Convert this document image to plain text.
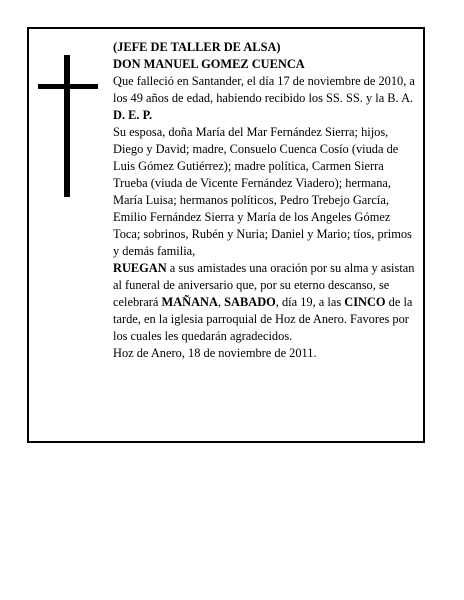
(JEFE DE TALLER DE ALSA)

DON MANUEL GOMEZ CUENCA

Que falleció en Santander, el día 17 de noviembre de 2010, a los 49 años de edad, habiendo recibido los SS. SS. y la B. A.

D. E. P.

Su esposa, doña María del Mar Fernández Sierra; hijos, Diego y David; madre, Consuelo Cuenca Cosío (viuda de Luis Gómez Gutiérrez); madre política, Carmen Sierra Trueba (viuda de Vicente Fernández Viadero); hermana, María Luisa; hermanos políticos, Pedro Trebejo García, Emilio Fernández Sierra y María de los Angeles Gómez Toca; sobrinos, Rubén y Nuria; Daniel y Mario; tíos, primos y demás familia,

RUEGAN a sus amistades una oración por su alma y asistan al funeral de aniversario que, por su eterno descanso, se celebrará MAÑANA, SABADO, día 19, a las CINCO de la tarde, en la iglesia parroquial de Hoz de Anero. Favores por los cuales les quedarán agradecidos.

Hoz de Anero, 18 de noviembre de 2011.
